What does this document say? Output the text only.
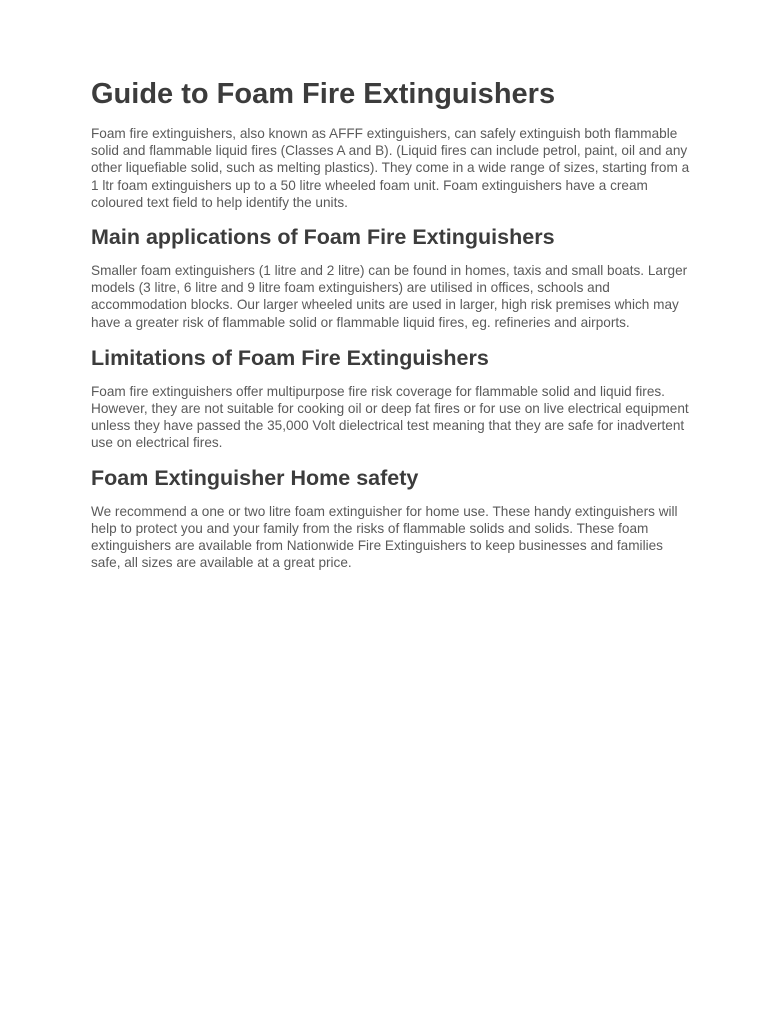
Guide to Foam Fire Extinguishers

Foam fire extinguishers, also known as AFFF extinguishers, can safely extinguish both flammable solid and flammable liquid fires (Classes A and B). (Liquid fires can include petrol, paint, oil and any other liquefiable solid, such as melting plastics). They come in a wide range of sizes, starting from a 1 ltr foam extinguishers up to a 50 litre wheeled foam unit. Foam extinguishers have a cream coloured text field to help identify the units.

Main applications of Foam Fire Extinguishers

Smaller foam extinguishers (1 litre and 2 litre) can be found in homes, taxis and small boats. Larger models (3 litre, 6 litre and 9 litre foam extinguishers) are utilised in offices, schools and accommodation blocks. Our larger wheeled units are used in larger, high risk premises which may have a greater risk of flammable solid or flammable liquid fires, eg. refineries and airports.

Limitations of Foam Fire Extinguishers

Foam fire extinguishers offer multipurpose fire risk coverage for flammable solid and liquid fires. However, they are not suitable for cooking oil or deep fat fires or for use on live electrical equipment unless they have passed the 35,000 Volt dielectrical test meaning that they are safe for inadvertent use on electrical fires.

Foam Extinguisher Home safety

We recommend a one or two litre foam extinguisher for home use. These handy extinguishers will help to protect you and your family from the risks of flammable solids and solids. These foam extinguishers are available from Nationwide Fire Extinguishers to keep businesses and families safe, all sizes are available at a great price.
